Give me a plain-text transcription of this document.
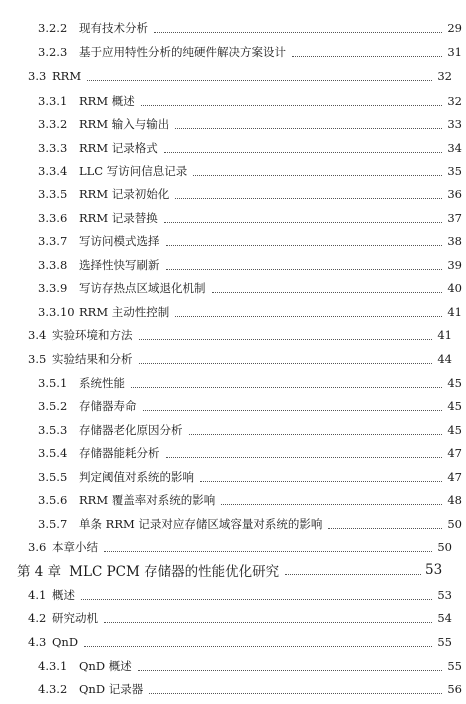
3.2.2	现有技术分析	29
3.2.3	基于应用特性分析的纯硬件解决方案设计	31
3.3 RRM	32
3.3.1	RRM 概述	32
3.3.2	RRM 输入与输出	33
3.3.3	RRM 记录格式	34
3.3.4	LLC 写访问信息记录	35
3.3.5	RRM 记录初始化	36
3.3.6	RRM 记录替换	37
3.3.7	写访问模式选择	38
3.3.8	选择性快写刷新	39
3.3.9	写访存热点区域退化机制	40
3.3.10 RRM 主动性控制	41
3.4 实验环境和方法	41
3.5 实验结果和分析	44
3.5.1	系统性能	45
3.5.2	存储器寿命	45
3.5.3	存储器老化原因分析	45
3.5.4	存储器能耗分析	47
3.5.5	判定阈值对系统的影响	47
3.5.6	RRM 覆盖率对系统的影响	48
3.5.7	单条 RRM 记录对应存储区域容量对系统的影响	50
3.6 本章小结	50
第 4 章 MLC PCM 存储器的性能优化研究	53
4.1 概述	53
4.2 研究动机	54
4.3 QnD	55
4.3.1	QnD 概述	55
4.3.2	QnD 记录器	56
